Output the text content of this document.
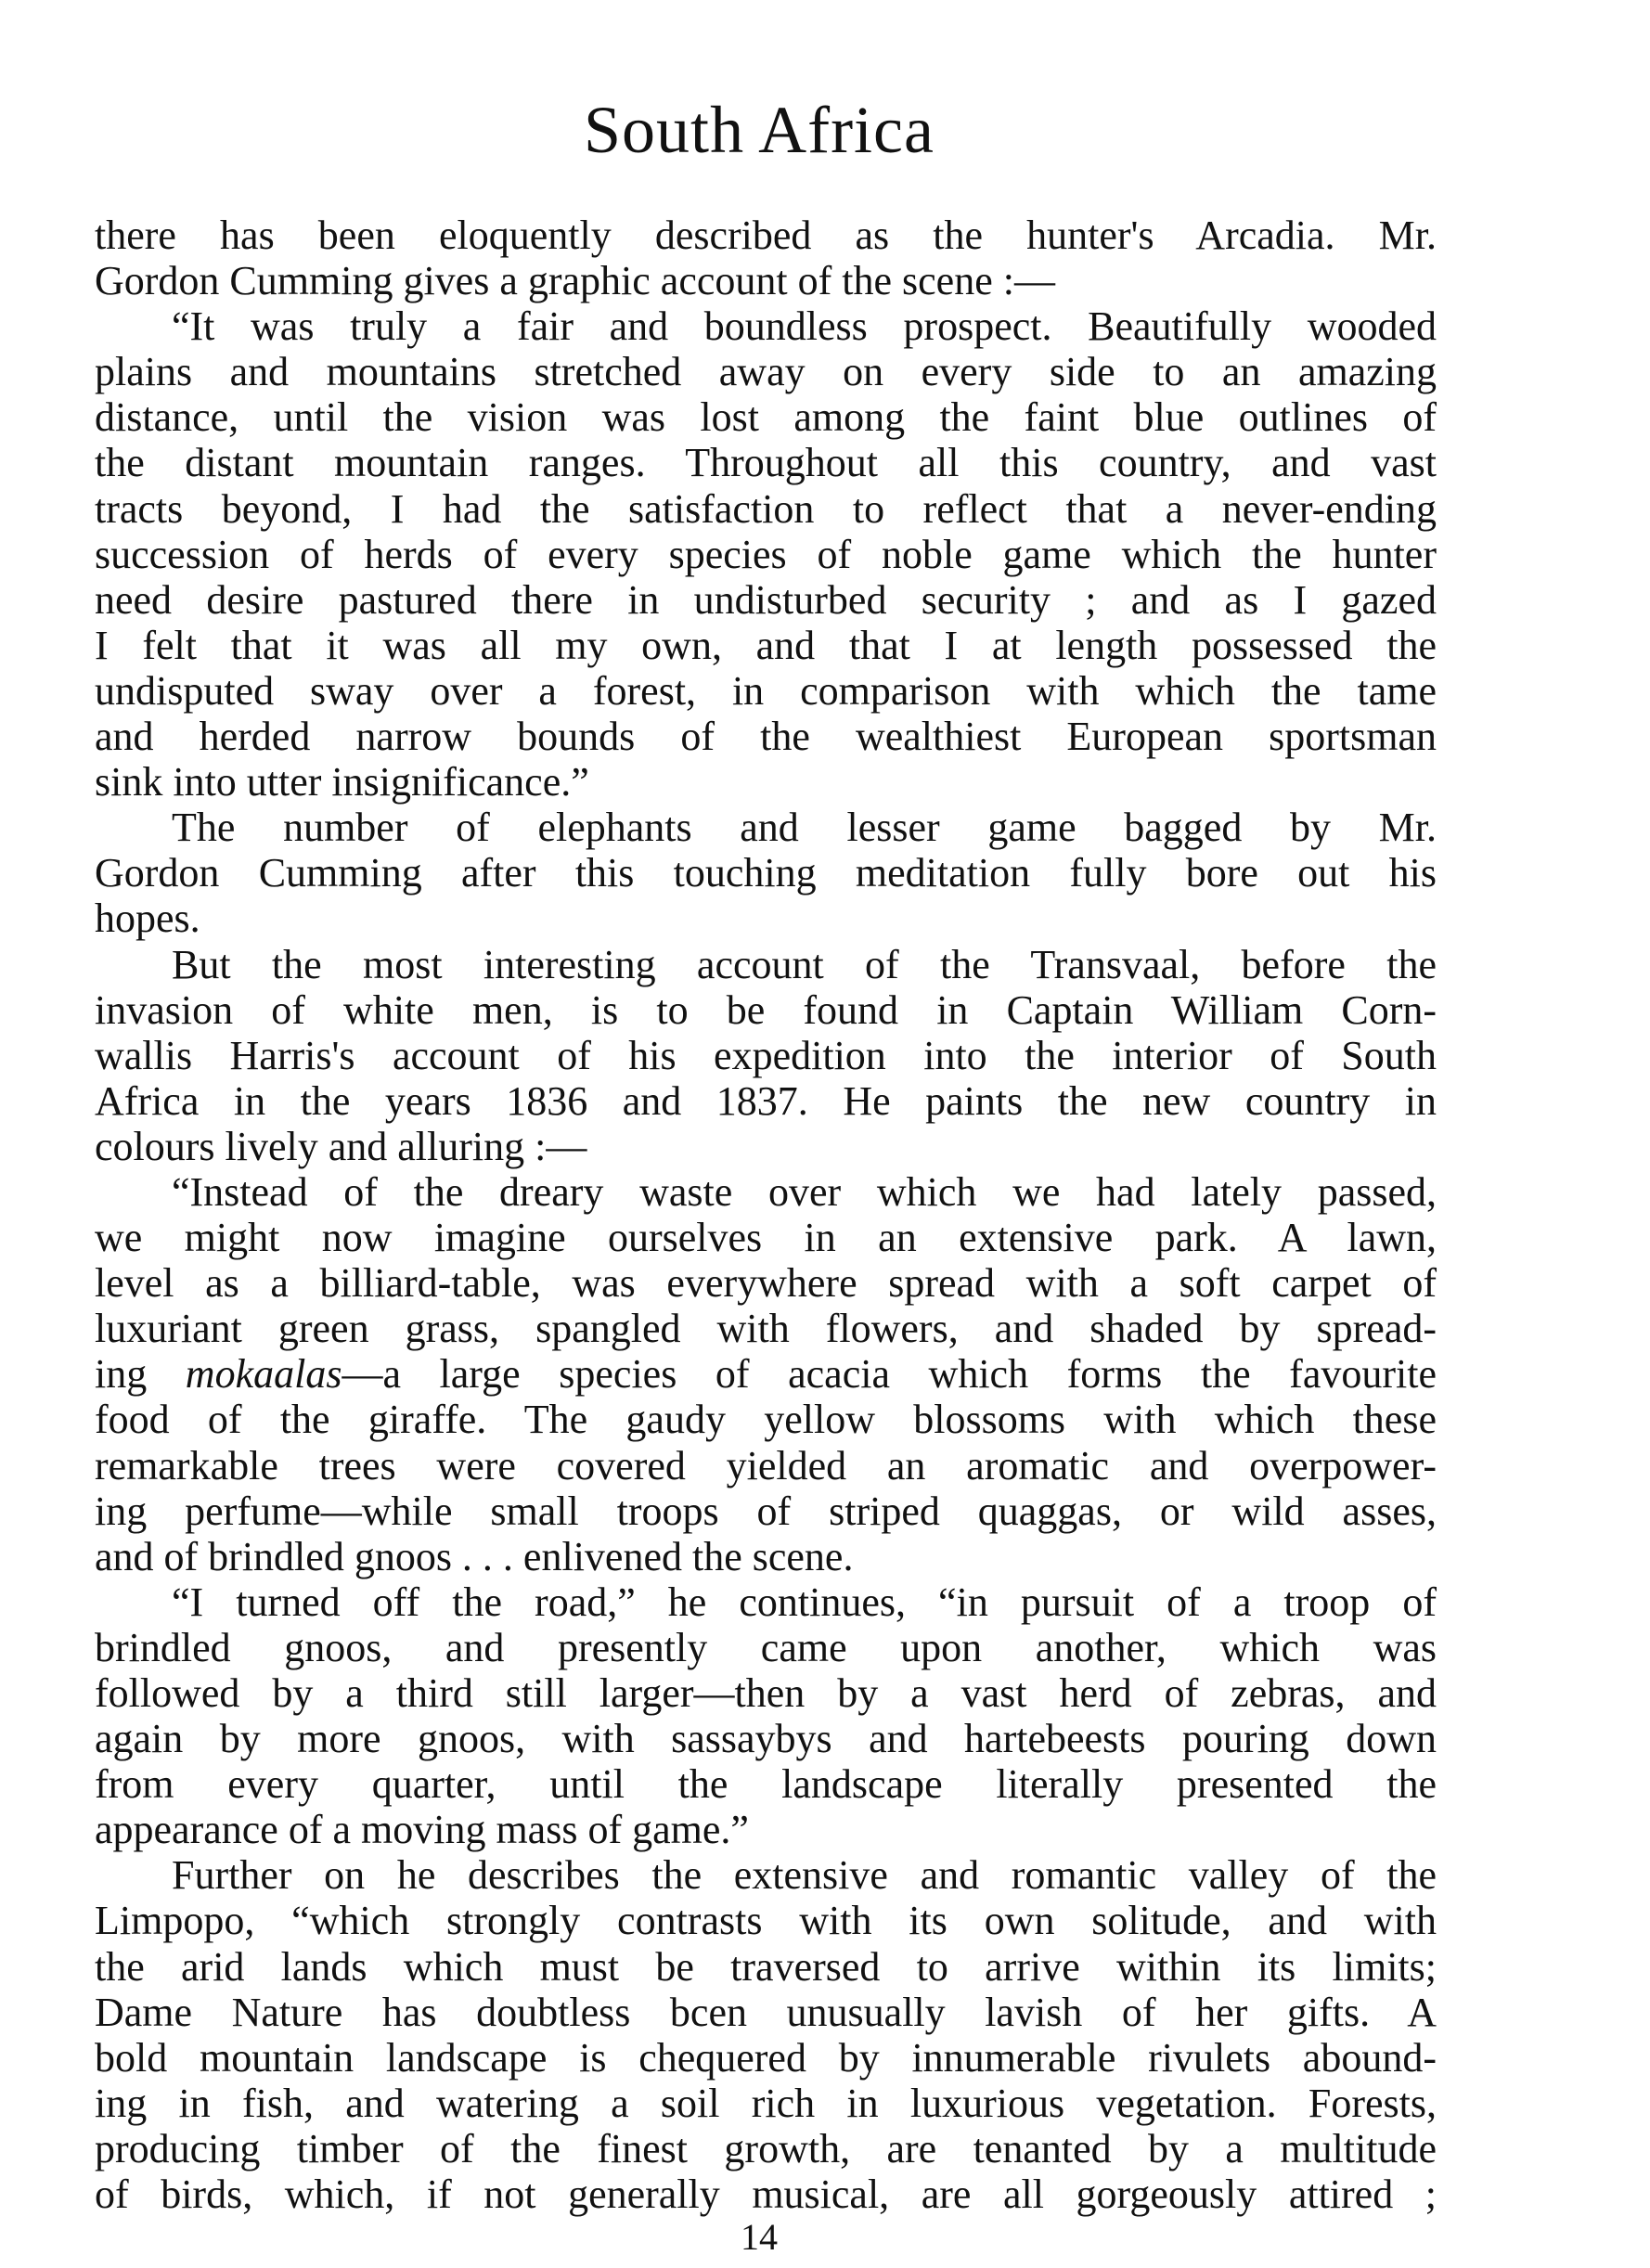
South Africa
there has been eloquently described as the hunter's Arcadia. Mr.
Gordon Cumming gives a graphic account of the scene :—
“It was truly a fair and boundless prospect. Beautifully wooded
plains and mountains stretched away on every side to an amazing
distance, until the vision was lost among the faint blue outlines of
the distant mountain ranges. Throughout all this country, and vast
tracts beyond, I had the satisfaction to reflect that a never-ending
succession of herds of every species of noble game which the hunter
need desire pastured there in undisturbed security ; and as I gazed
I felt that it was all my own, and that I at length possessed the
undisputed sway over a forest, in comparison with which the tame
and herded narrow bounds of the wealthiest European sportsman
sink into utter insignificance.”
The number of elephants and lesser game bagged by Mr.
Gordon Cumming after this touching meditation fully bore out his
hopes.
But the most interesting account of the Transvaal, before the
invasion of white men, is to be found in Captain William Corn-
wallis Harris's account of his expedition into the interior of South
Africa in the years 1836 and 1837. He paints the new country in
colours lively and alluring :—
“Instead of the dreary waste over which we had lately passed,
we might now imagine ourselves in an extensive park. A lawn,
level as a billiard-table, was everywhere spread with a soft carpet of
luxuriant green grass, spangled with flowers, and shaded by spread-
ing mokaalas—a large species of acacia which forms the favourite
food of the giraffe. The gaudy yellow blossoms with which these
remarkable trees were covered yielded an aromatic and overpower-
ing perfume—while small troops of striped quaggas, or wild asses,
and of brindled gnoos . . . enlivened the scene.
“I turned off the road,” he continues, “in pursuit of a troop of
brindled gnoos, and presently came upon another, which was
followed by a third still larger—then by a vast herd of zebras, and
again by more gnoos, with sassaybys and hartebeests pouring down
from every quarter, until the landscape literally presented the
appearance of a moving mass of game.”
Further on he describes the extensive and romantic valley of the
Limpopo, “which strongly contrasts with its own solitude, and with
the arid lands which must be traversed to arrive within its limits;
Dame Nature has doubtless bcen unusually lavish of her gifts. A
bold mountain landscape is chequered by innumerable rivulets abound-
ing in fish, and watering a soil rich in luxurious vegetation. Forests,
producing timber of the finest growth, are tenanted by a multitude
of birds, which, if not generally musical, are all gorgeously attired ;
14
